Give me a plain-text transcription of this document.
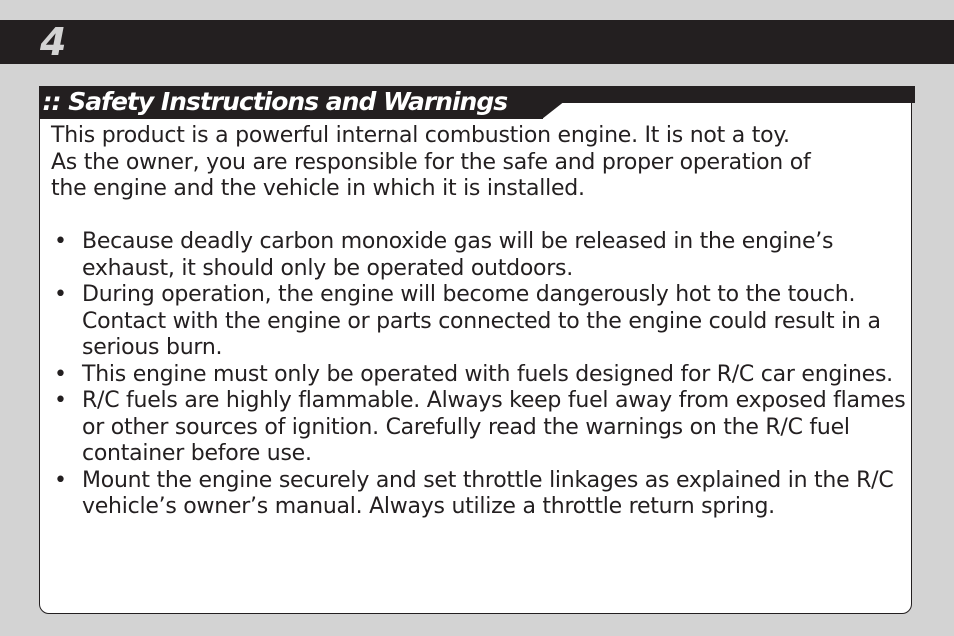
4
:: Safety Instructions and Warnings

This product is a powerful internal combustion engine. It is not a toy.
As the owner, you are responsible for the safe and proper operation of
the engine and the vehicle in which it is installed.

• Because deadly carbon monoxide gas will be released in the engine’s exhaust, it should only be operated outdoors.
• During operation, the engine will become dangerously hot to the touch. Contact with the engine or parts connected to the engine could result in a serious burn.
• This engine must only be operated with fuels designed for R/C car engines.
• R/C fuels are highly flammable. Always keep fuel away from exposed flames or other sources of ignition. Carefully read the warnings on the R/C fuel container before use.
• Mount the engine securely and set throttle linkages as explained in the R/C vehicle’s owner’s manual. Always utilize a throttle return spring.
